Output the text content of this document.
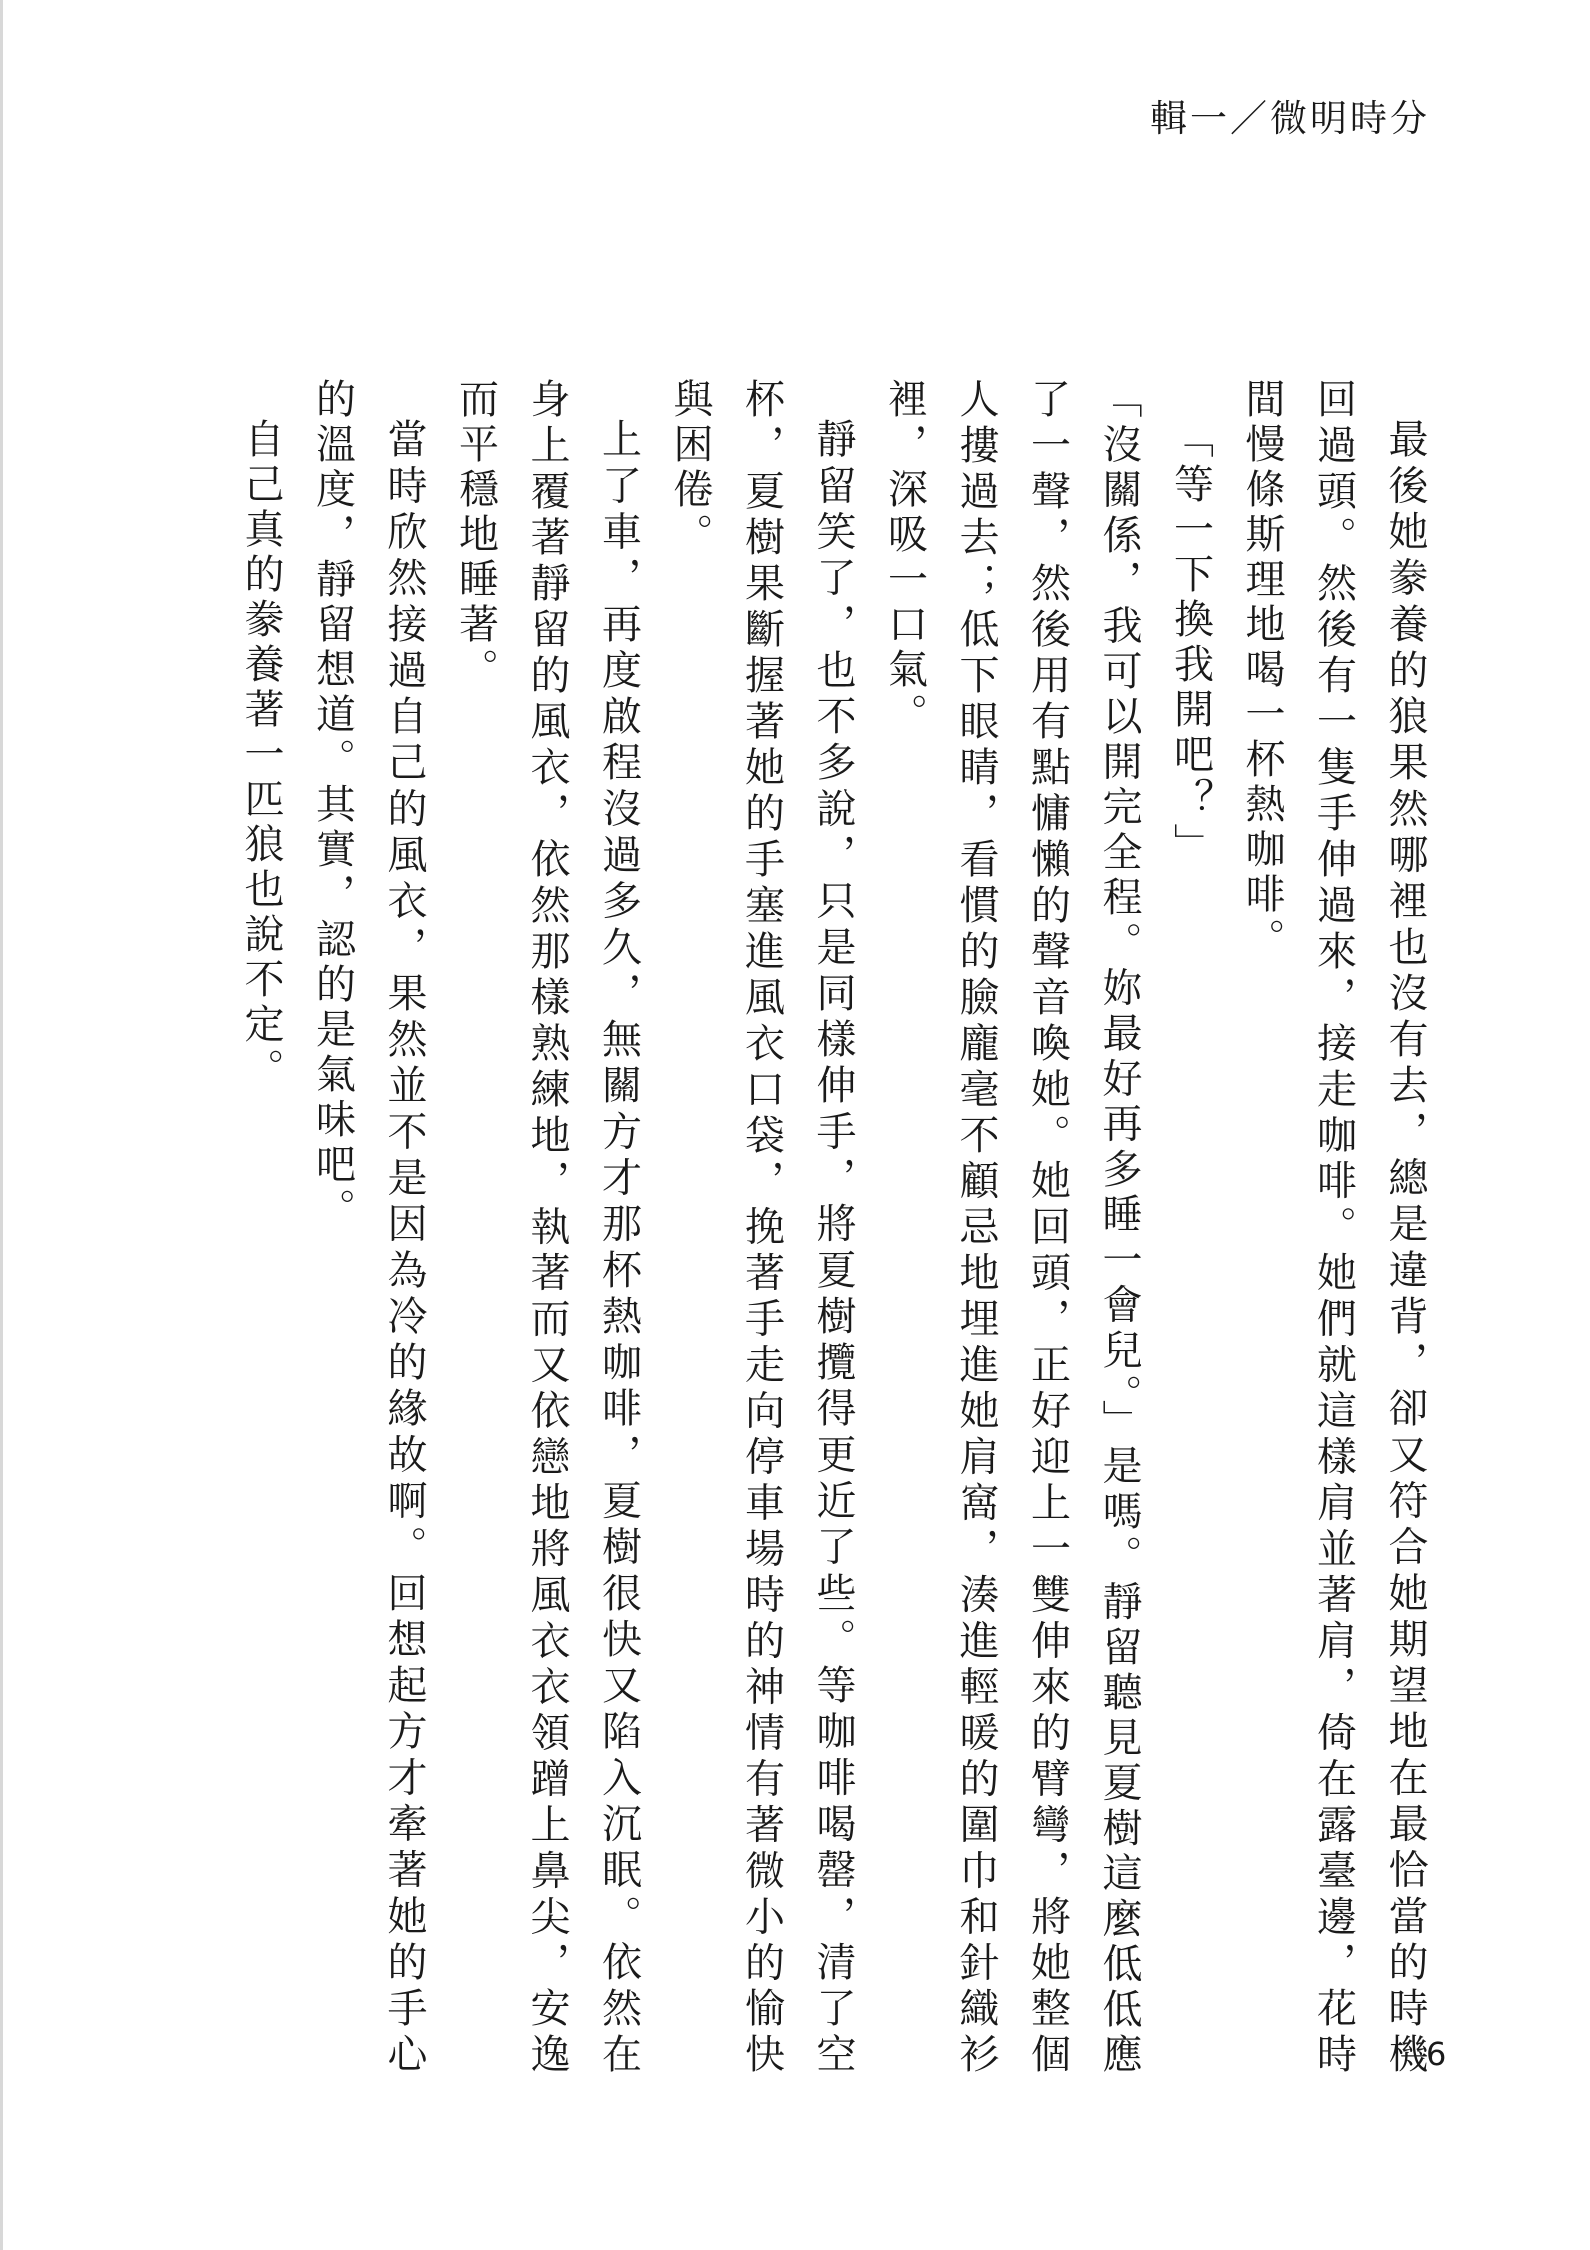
輯一／微明時分

最後她豢養的狼果然哪裡也沒有去，總是違背，卻又符合她期望地在最恰當的時機回過頭。然後有一隻手伸過來，接走咖啡。她們就這樣肩並著肩，倚在露臺邊，花時間慢條斯理地喝一杯熱咖啡。

「等一下換我開吧？」

「沒關係，我可以開完全程。妳最好再多睡一會兒。」是嗎。靜留聽見夏樹這麼低低應了一聲，然後用有點慵懶的聲音喚她。她回頭，正好迎上一雙伸來的臂彎，將她整個人摟過去；低下眼睛，看慣的臉龐毫不顧忌地埋進她肩窩，湊進輕暖的圍巾和針織衫裡，深吸一口氣。

靜留笑了，也不多說，只是同樣伸手，將夏樹攬得更近了些。等咖啡喝罄，清了空杯，夏樹果斷握著她的手塞進風衣口袋，挽著手走向停車場時的神情有著微小的愉快與困倦。

上了車，再度啟程沒過多久，無關方才那杯熱咖啡，夏樹很快又陷入沉眠。依然在身上覆著靜留的風衣，依然那樣熟練地，執著而又依戀地將風衣衣領蹭上鼻尖，安逸而平穩地睡著。

當時欣然接過自己的風衣，果然並不是因為冷的緣故啊。回想起方才牽著她的手心的溫度，靜留想道。其實，認的是氣味吧。

自己真的豢養著一匹狼也說不定。

6
